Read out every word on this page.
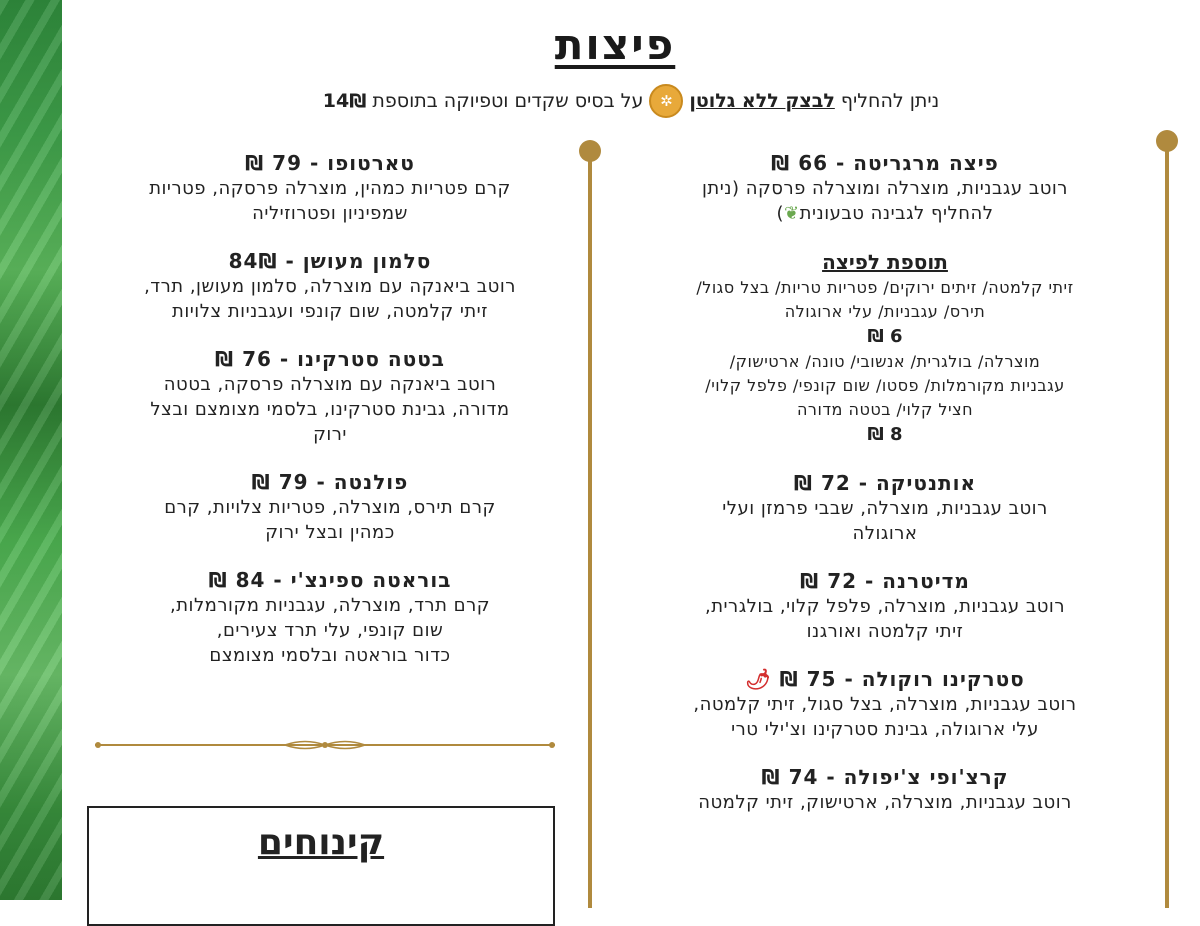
פיצות
ניתן להחליף
לבצק ללא גלוטן
✲
על בסיס שקדים וטפיוקה בתוספת
14₪
פיצה מרגריטה - 66 ₪
רוטב עגבניות, מוצרלה ומוצרלה פרסקה (ניתן
להחליף לגבינה טבעונית❦)
תוספת לפיצה
זיתי קלמטה/ זיתים ירוקים/ פטריות טריות/ בצל סגול/
תירס/ עגבניות/ עלי ארוגולה
6 ₪
מוצרלה/ בולגרית/ אנשובי/ טונה/ ארטישוק/
עגבניות מקורמלות/ פסטו/ שום קונפי/ פלפל קלוי/
חציל קלוי/ בטטה מדורה
8 ₪
אותנטיקה - 72 ₪
רוטב עגבניות, מוצרלה, שבבי פרמזן ועלי
ארוגולה
מדיטרנה - 72 ₪
רוטב עגבניות, מוצרלה, פלפל קלוי, בולגרית,
זיתי קלמטה ואורגנו
סטרקינו רוקולה - 75 ₪ 🌶
רוטב עגבניות, מוצרלה, בצל סגול, זיתי קלמטה,
עלי ארוגולה, גבינת סטרקינו וצ'ילי טרי
קרצ'ופי צ'יפולה - 74 ₪
רוטב עגבניות, מוצרלה, ארטישוק, זיתי קלמטה
טארטופו - 79 ₪
קרם פטריות כמהין, מוצרלה פרסקה, פטריות
שמפיניון ופטרוזיליה
סלמון מעושן - 84₪
רוטב ביאנקה עם מוצרלה, סלמון מעושן, תרד,
זיתי קלמטה, שום קונפי ועגבניות צלויות
בטטה סטרקינו - 76 ₪
רוטב ביאנקה עם מוצרלה פרסקה, בטטה
מדורה, גבינת סטרקינו, בלסמי מצומצם ובצל
ירוק
פולנטה - 79 ₪
קרם תירס, מוצרלה, פטריות צלויות, קרם
כמהין ובצל ירוק
בוראטה ספינצ'י - 84 ₪
קרם תרד, מוצרלה, עגבניות מקורמלות,
שום קונפי, עלי תרד צעירים,
כדור בוראטה ובלסמי מצומצם
קינוחים
